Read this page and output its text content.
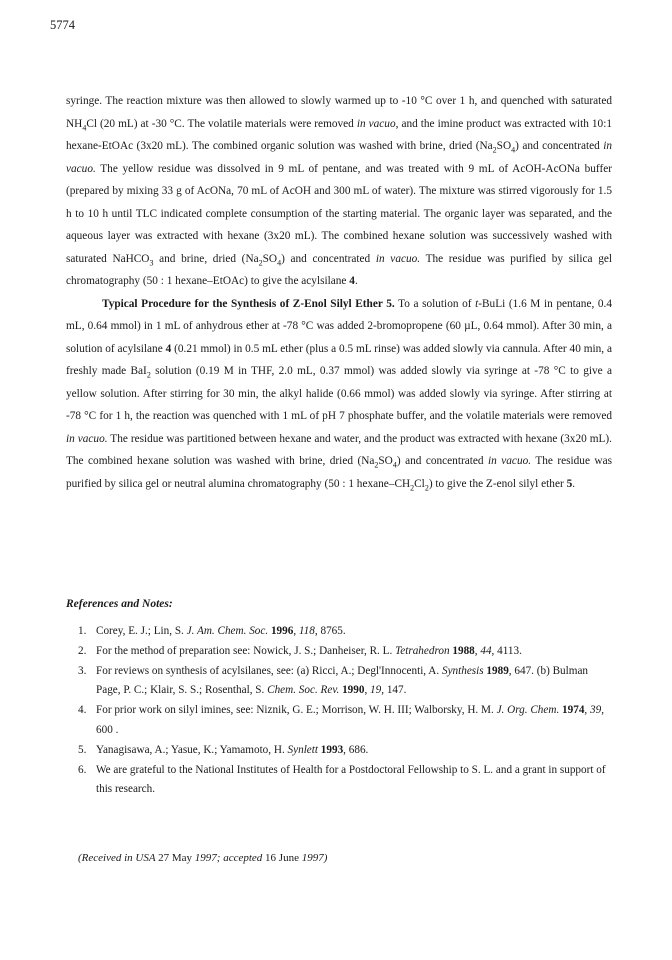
5774

syringe. The reaction mixture was then allowed to slowly warmed up to -10 °C over 1 h, and quenched with saturated $NH_4Cl$ (20 mL) at -30 °C. The volatile materials were removed in vacuo, and the imine product was extracted with 10:1 hexane-EtOAc (3x20 mL). The combined organic solution was washed with brine, dried $(Na_2SO_4)$ and concentrated in vacuo. The yellow residue was dissolved in 9 mL of pentane, and was treated with 9 mL of AcOH-AcONa buffer (prepared by mixing 33 g of AcONa, 70 mL of AcOH and 300 mL of water). The mixture was stirred vigorously for 1.5 h to 10 h until TLC indicated complete consumption of the starting material. The organic layer was separated, and the aqueous layer was extracted with hexane (3x20 mL). The combined hexane solution was successively washed with saturated NaHCO$_3$ and brine, dried $(Na_2SO_4)$ and concentrated in vacuo. The residue was purified by silica gel chromatography (50 : 1 hexane–EtOAc) to give the acylsilane 4.

Typical Procedure for the Synthesis of Z-Enol Silyl Ether 5. To a solution of t-BuLi (1.6 M in pentane, 0.4 mL, 0.64 mmol) in 1 mL of anhydrous ether at -78 °C was added 2-bromopropene (60 µL, 0.64 mmol). After 30 min, a solution of acylsilane 4 (0.21 mmol) in 0.5 mL ether (plus a 0.5 mL rinse) was added slowly via cannula. After 40 min, a freshly made BaI$_2$ solution (0.19 M in THF, 2.0 mL, 0.37 mmol) was added slowly via syringe at -78 °C to give a yellow solution. After stirring for 30 min, the alkyl halide (0.66 mmol) was added slowly via syringe. After stirring at -78 °C for 1 h, the reaction was quenched with 1 mL of pH 7 phosphate buffer, and the volatile materials were removed in vacuo. The residue was partitioned between hexane and water, and the product was extracted with hexane (3x20 mL). The combined hexane solution was washed with brine, dried $(Na_2SO_4)$ and concentrated in vacuo. The residue was purified by silica gel or neutral alumina chromatography (50 : 1 hexane–$CH_2Cl_2$) to give the Z-enol silyl ether 5.

References and Notes:
1. Corey, E. J.; Lin, S. J. Am. Chem. Soc. 1996, 118, 8765.
2. For the method of preparation see: Nowick, J. S.; Danheiser, R. L. Tetrahedron 1988, 44, 4113.
3. For reviews on synthesis of acylsilanes, see: (a) Ricci, A.; Degl'Innocenti, A. Synthesis 1989, 647. (b) Bulman Page, P. C.; Klair, S. S.; Rosenthal, S. Chem. Soc. Rev. 1990, 19, 147.
4. For prior work on silyl imines, see: Niznik, G. E.; Morrison, W. H. III; Walborsky, H. M. J. Org. Chem. 1974, 39, 600 .
5. Yanagisawa, A.; Yasue, K.; Yamamoto, H. Synlett 1993, 686.
6. We are grateful to the National Institutes of Health for a Postdoctoral Fellowship to S. L. and a grant in support of this research.
(Received in USA 27 May 1997; accepted 16 June 1997)
